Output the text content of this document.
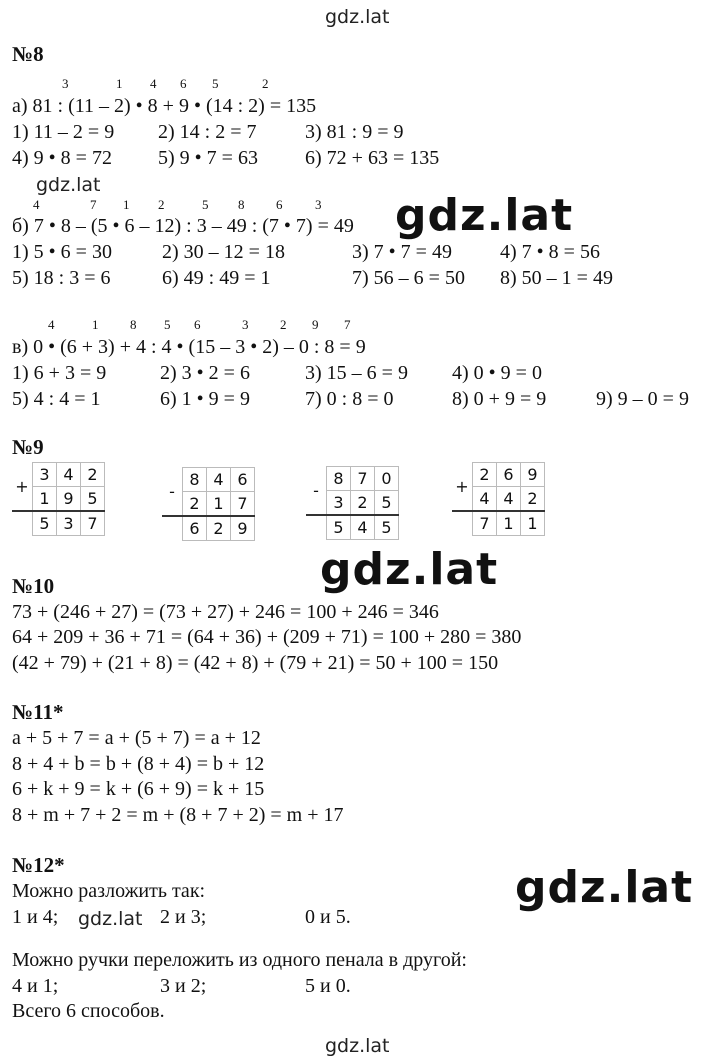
gdz.lat
gdz.lat
gdz.lat
gdz.lat
gdz.lat
gdz.lat
gdz.lat
№8
3	1 4 6 5	2
а) 81 : (11 – 2) • 8 + 9 • (14 : 2) = 135
1) 11 – 2 = 9 2) 14 : 2 = 7 3) 81 : 9 = 9
4) 9 • 8 = 72 5) 9 • 7 = 63 6) 72 + 63 = 135
4	7 1 2	5 8 6	3
б) 7 • 8 – (5 • 6 – 12) : 3 – 49 : (7 • 7) = 49
1) 5 • 6 = 30	2) 30 – 12 = 18	3) 7 • 7 = 49 4) 7 • 8 = 56
5) 18 : 3 = 6	6) 49 : 49 = 1	7) 56 – 6 = 50 8) 50 – 1 = 49
4	1 8 5 6	3 2 9 7
в) 0 • (6 + 3) + 4 : 4 • (15 – 3 • 2) – 0 : 8 = 9
1) 6 + 3 = 9	2) 3 • 2 = 6	3) 15 – 6 = 9 4) 0 • 9 = 0
5) 4 : 4 = 1	6) 1 • 9 = 9	7) 0 : 8 = 0	8) 0 + 9 = 9 9) 9 – 0 = 9
№9
+	3	4	2
	1	9	5
	5	3	7
-	8	4	6
	2	1	7
	6	2	9
-	8	7	0
	3	2	5
	5	4	5
+	2	6	9
	4	4	2
	7	1	1
№10
73 + (246 + 27) = (73 + 27) + 246 = 100 + 246 = 346
64 + 209 + 36 + 71 = (64 + 36) + (209 + 71) = 100 + 280 = 380
(42 + 79) + (21 + 8) = (42 + 8) + (79 + 21) = 50 + 100 = 150
№11*
a + 5 + 7 = a + (5 + 7) = a + 12
8 + 4 + b = b + (8 + 4) = b + 12
6 + k + 9 = k + (6 + 9) = k + 15
8 + m + 7 + 2 = m + (8 + 7 + 2) = m + 17
№12*
Можно разложить так:
1 и 4;	2 и 3;	0 и 5.
Можно ручки переложить из одного пенала в другой:
4 и 1;	3 и 2;	5 и 0.
Всего 6 способов.
